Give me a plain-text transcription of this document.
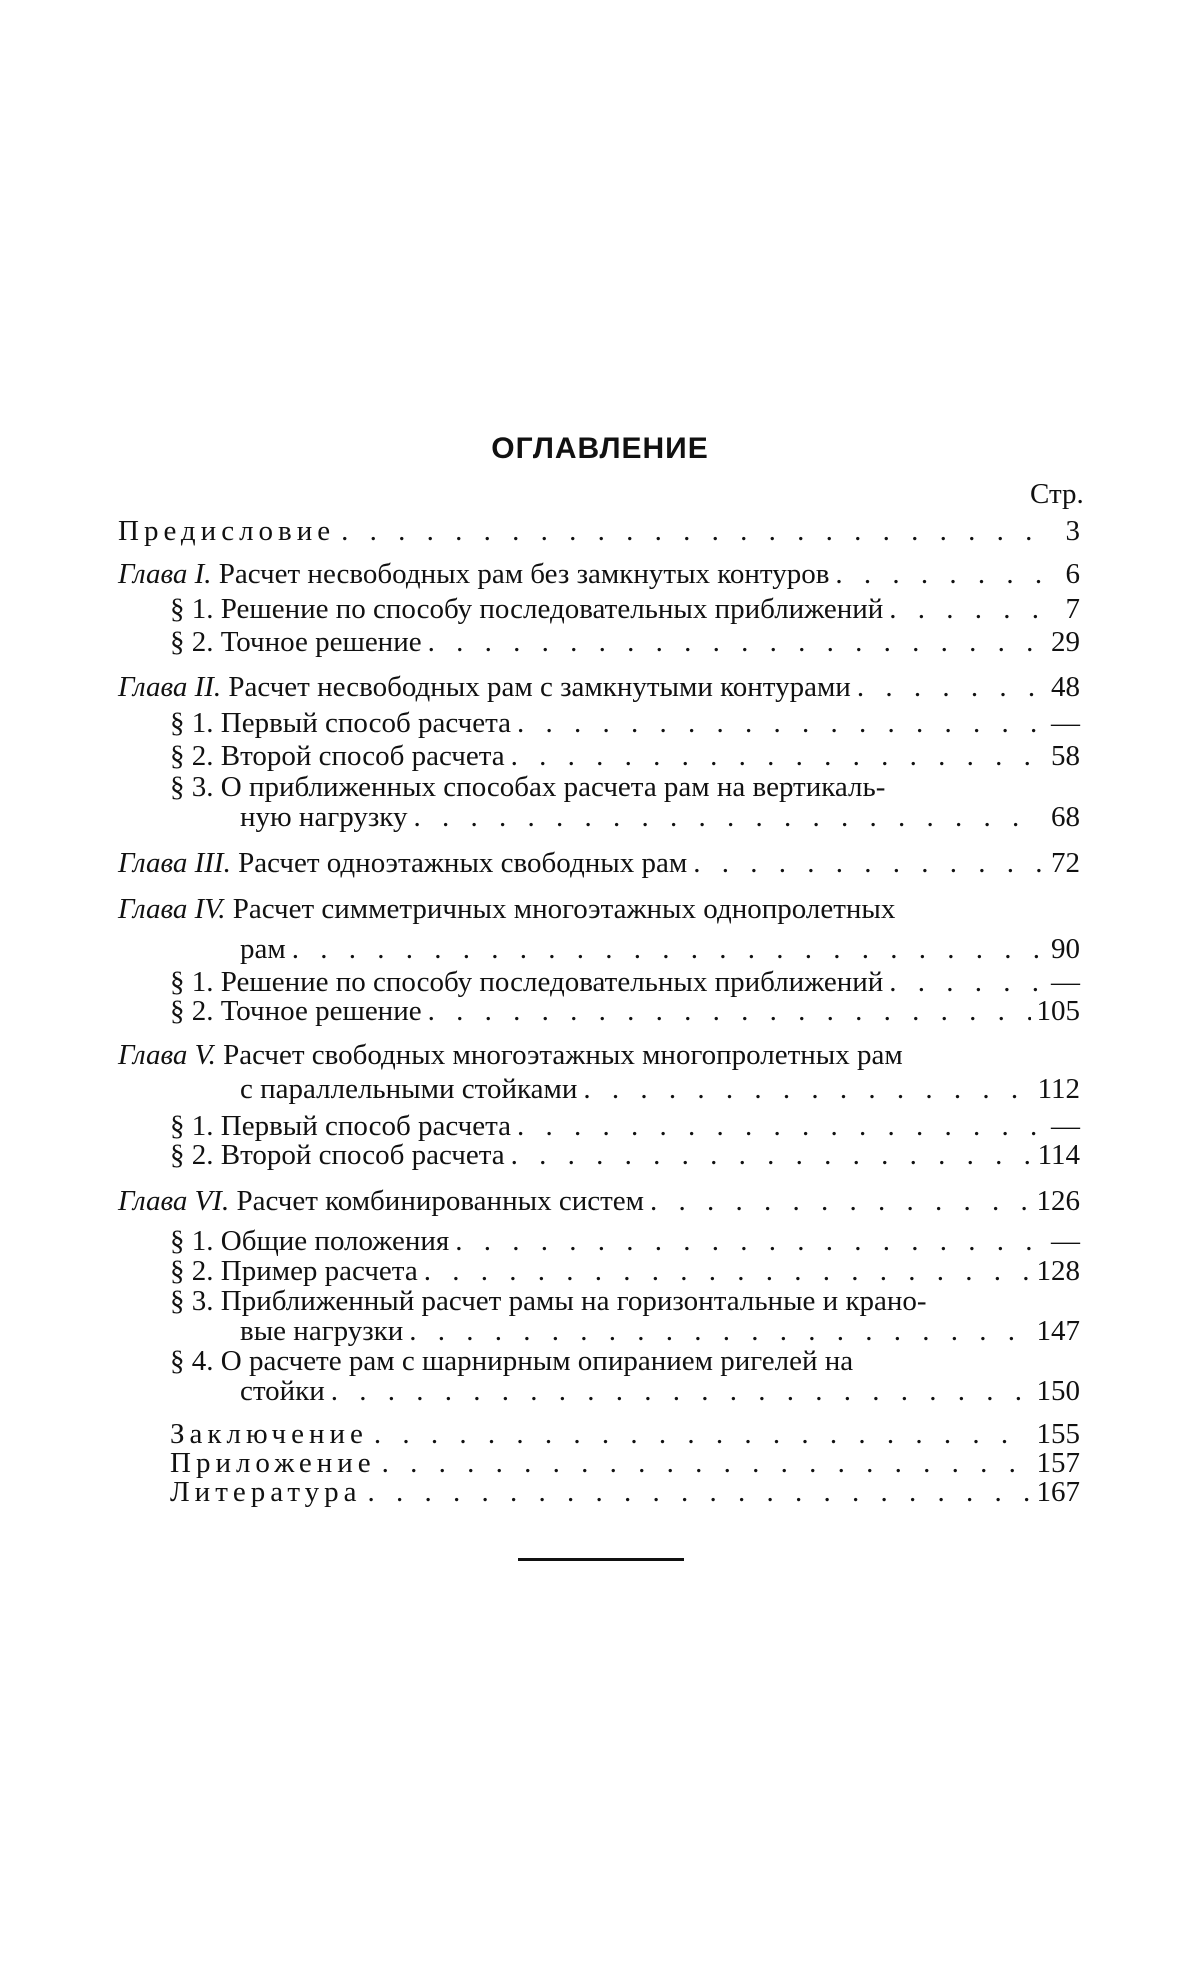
ОГЛАВЛЕНИЕ
Стр.
Предисловие . . .	3
Глава I. Расчет несвободных рам без замкнутых контуров . . .	6
§ 1. Решение по способу последовательных приближений . . .	7
§ 2. Точное решение . . .	29
Глава II. Расчет несвободных рам с замкнутыми контурами . . .	48
§ 1. Первый способ расчета . . .	—
§ 2. Второй способ расчета . . .	58
§ 3. О приближенных способах расчета рам на вертикаль-
ную нагрузку . . .	68
Глава III. Расчет одноэтажных свободных рам . . .	72
Глава IV. Расчет симметричных многоэтажных однопролетных
рам . . .	90
§ 1. Решение по способу последовательных приближений . . .	—
§ 2. Точное решение . . .	105
Глава V. Расчет свободных многоэтажных многопролетных рам
с параллельными стойками . . .	112
§ 1. Первый способ расчета . . .	—
§ 2. Второй способ расчета . . .	114
Глава VI. Расчет комбинированных систем . . .	126
§ 1. Общие положения . . .	—
§ 2. Пример расчета . . .	128
§ 3. Приближенный расчет рамы на горизонтальные и крано-
вые нагрузки . . .	147
§ 4. О расчете рам с шарнирным опиранием ригелей на
стойки . . .	150
Заключение . . .	155
Приложение . . .	157
Литература . . .	167
